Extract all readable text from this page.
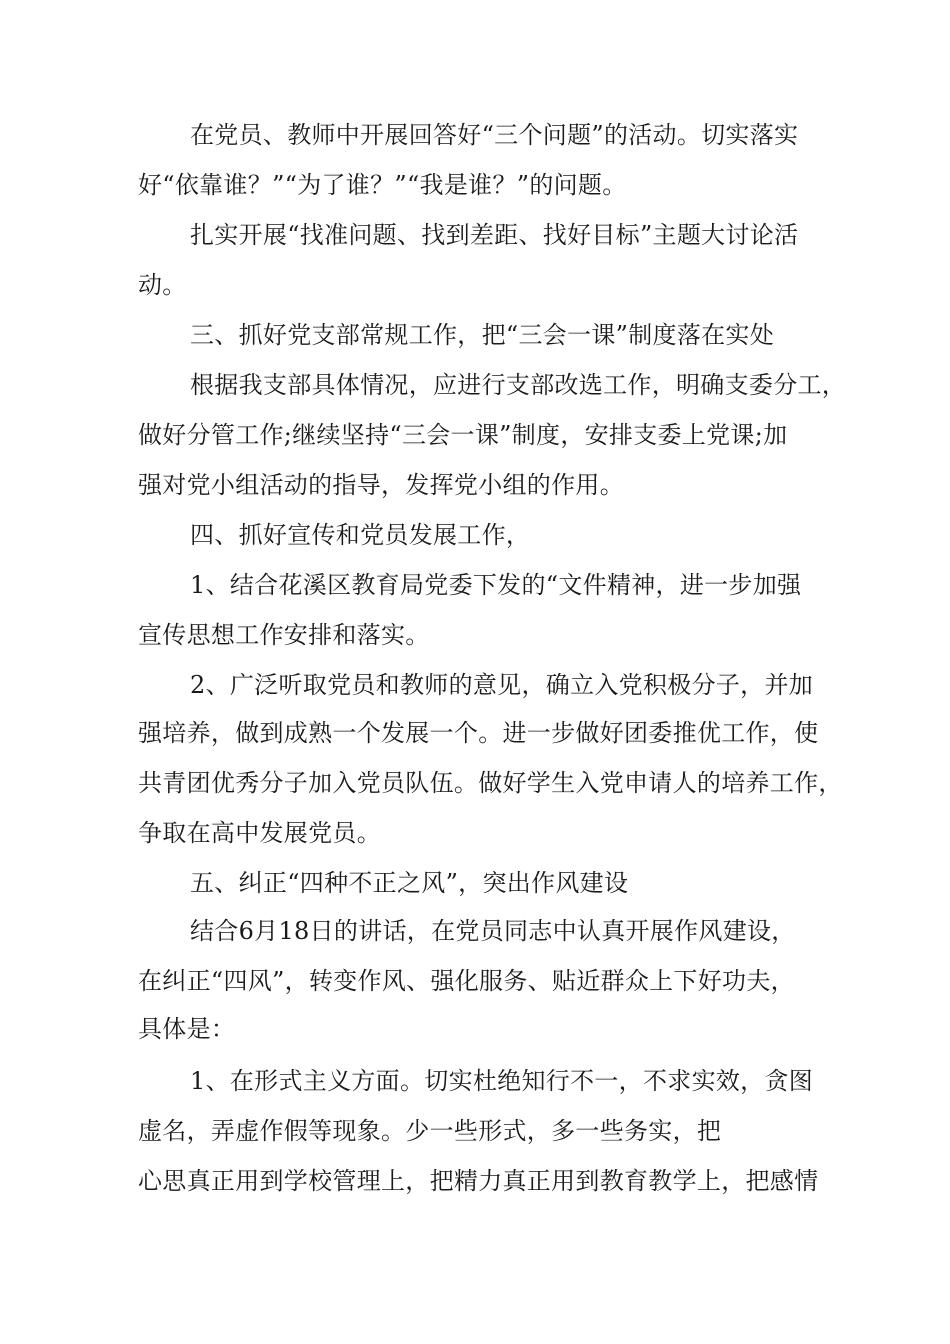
在党员、教师中开展回答好“三个问题”的活动。切实落实
好“依靠谁？”“为了谁？”“我是谁？”的问题。
扎实开展“找准问题、找到差距、找好目标”主题大讨论活
动。
三、抓好党支部常规工作，把“三会一课”制度落在实处
根据我支部具体情况，应进行支部改选工作，明确支委分工，
做好分管工作;继续坚持“三会一课”制度，安排支委上党课;加
强对党小组活动的指导，发挥党小组的作用。
四、抓好宣传和党员发展工作，
1、结合花溪区教育局党委下发的“文件精神，进一步加强
宣传思想工作安排和落实。
2、广泛听取党员和教师的意见，确立入党积极分子，并加
强培养，做到成熟一个发展一个。进一步做好团委推优工作，使
共青团优秀分子加入党员队伍。做好学生入党申请人的培养工作，
争取在高中发展党员。
五、纠正“四种不正之风”，突出作风建设
结合6月18日的讲话，在党员同志中认真开展作风建设，
在纠正“四风”，转变作风、强化服务、贴近群众上下好功夫，
具体是：
1、在形式主义方面。切实杜绝知行不一，不求实效，贪图
虚名，弄虚作假等现象。少一些形式，多一些务实，把
心思真正用到学校管理上，把精力真正用到教育教学上，把感情
